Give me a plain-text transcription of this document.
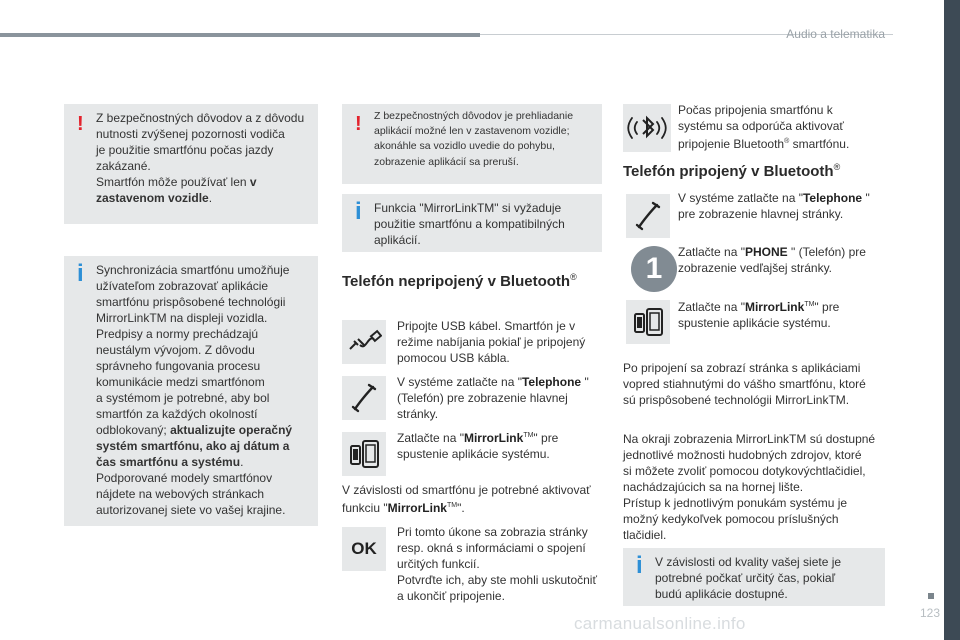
Audio a telematika
123
carmanualsonline.info
! Z bezpečnostných dôvodov a z dôvodu
nutnosti zvýšenej pozornosti vodiča
je použitie smartfónu počas jazdy
zakázané.
Smartfón môže používať len v
zastavenom vozidle.
i Synchronizácia smartfónu umožňuje
užívateľom zobrazovať aplikácie
smartfónu prispôsobené technológii
MirrorLinkTM na displeji vozidla.
Predpisy a normy prechádzajú
neustálym vývojom. Z dôvodu
správneho fungovania procesu
komunikácie medzi smartfónom
a systémom je potrebné, aby bol
smartfón za každých okolností
odblokovaný; aktualizujte operačný
systém smartfónu, ako aj dátum a
čas smartfónu a systému.
Podporované modely smartfónov
nájdete na webových stránkach
autorizovanej siete vo vašej krajine.
! Z bezpečnostných dôvodov je prehliadanie
aplikácií možné len v zastavenom vozidle;
akonáhle sa vozidlo uvedie do pohybu,
zobrazenie aplikácií sa preruší.
i Funkcia "MirrorLinkTM" si vyžaduje
použitie smartfónu a kompatibilných
aplikácií.
Telefón nepripojený v Bluetooth®
Pripojte USB kábel. Smartfón je v
režime nabíjania pokiaľ je pripojený
pomocou USB kábla.
V systéme zatlačte na "Telephone "
(Telefón) pre zobrazenie hlavnej
stránky.
Zatlačte na "MirrorLink™" pre
spustenie aplikácie systému.
V závislosti od smartfónu je potrebné aktivovať
funkciu "MirrorLink™".
OK
Pri tomto úkone sa zobrazia stránky
resp. okná s informáciami o spojení
určitých funkcií.
Potvrďte ich, aby ste mohli uskutočniť
a ukončiť pripojenie.
Počas pripojenia smartfónu k
systému sa odporúča aktivovať
pripojenie Bluetooth® smartfónu.
Telefón pripojený v Bluetooth®
V systéme zatlačte na "Telephone "
pre zobrazenie hlavnej stránky.
1	Zatlačte na "PHONE " (Telefón) pre
zobrazenie vedľajšej stránky.
Zatlačte na "MirrorLink™" pre
spustenie aplikácie systému.
Po pripojení sa zobrazí stránka s aplikáciami
vopred stiahnutými do vášho smartfónu, ktoré
sú prispôsobené technológii MirrorLinkTM.
Na okraji zobrazenia MirrorLinkTM sú dostupné
jednotlivé možnosti hudobných zdrojov, ktoré
si môžete zvoliť pomocou dotykovýchtlačidiel,
nachádzajúcich sa na hornej lište.
Prístup k jednotlivým ponukám systému je
možný kedykoľvek pomocou príslušných
tlačidiel.
i V závislosti od kvality vašej siete je
potrebné počkať určitý čas, pokiaľ
budú aplikácie dostupné.
